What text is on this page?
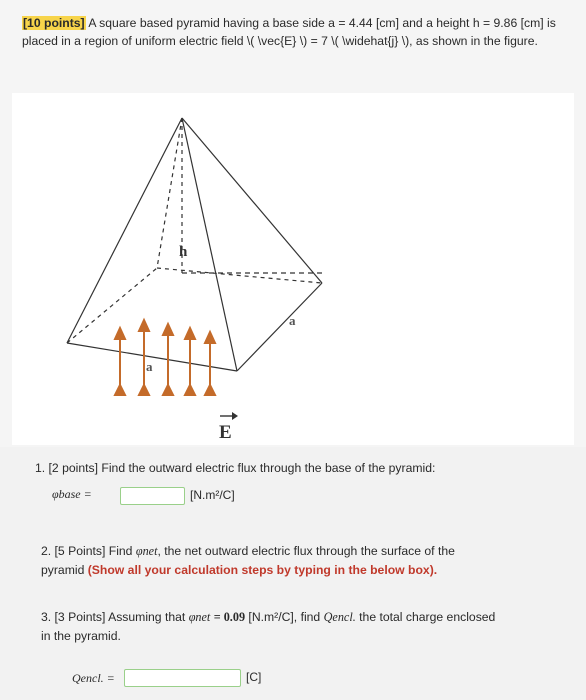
[10 points] A square based pyramid having a base side a = 4.44 [cm] and a height h = 9.86 [cm] is placed in a region of uniform electric field \( \vec{E} \) = 7 \( \widehat{j} \), as shown in the figure.
h
a
a
E
1. [2 points] Find the outward electric flux through the base of the pyramid:
φbase =	[N.m²/C]
2. [5 Points] Find φnet, the net outward electric flux through the surface of the
pyramid (Show all your calculation steps by typing in the below box).
3. [3 Points] Assuming that φnet = 0.09 [N.m²/C], find Qencl. the total charge enclosed
in the pyramid.
Qencl. =	[C]
